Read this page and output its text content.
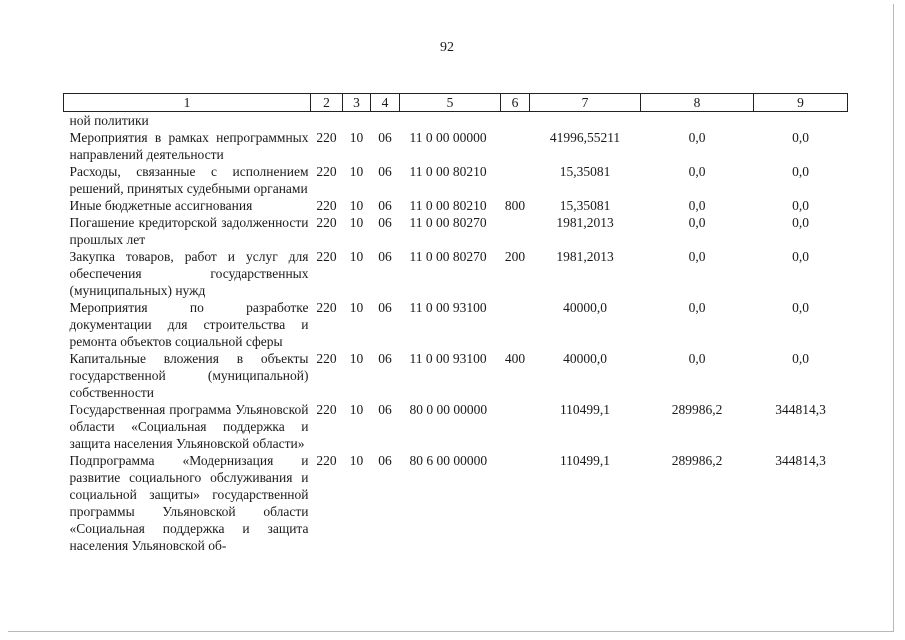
92
1	2	3	4	5	6	7	8	9
ной политики								
Мероприятия в рамках непрограммных направлений деятельности	220	10	06	11 0 00 00000		41996,55211	0,0	0,0
Расходы, связанные с исполнением решений, принятых судебными органами	220	10	06	11 0 00 80210		15,35081	0,0	0,0
Иные бюджетные ассигнования	220	10	06	11 0 00 80210	800	15,35081	0,0	0,0
Погашение кредиторской задолженности прошлых лет	220	10	06	11 0 00 80270		1981,2013	0,0	0,0
Закупка товаров, работ и услуг для обеспечения государственных (муниципальных) нужд	220	10	06	11 0 00 80270	200	1981,2013	0,0	0,0
Мероприятия по разработке документации для строительства и ремонта объектов социальной сферы	220	10	06	11 0 00 93100		40000,0	0,0	0,0
Капитальные вложения в объекты государственной (муниципальной) собственности	220	10	06	11 0 00 93100	400	40000,0	0,0	0,0
Государственная программа Ульяновской области «Социальная поддержка и защита населения Ульяновской области»	220	10	06	80 0 00 00000		110499,1	289986,2	344814,3
Подпрограмма «Модернизация и развитие социального обслуживания и социальной защиты» государственной программы Ульяновской области «Социальная поддержка и защита населения Ульяновской об-	220	10	06	80 6 00 00000		110499,1	289986,2	344814,3
